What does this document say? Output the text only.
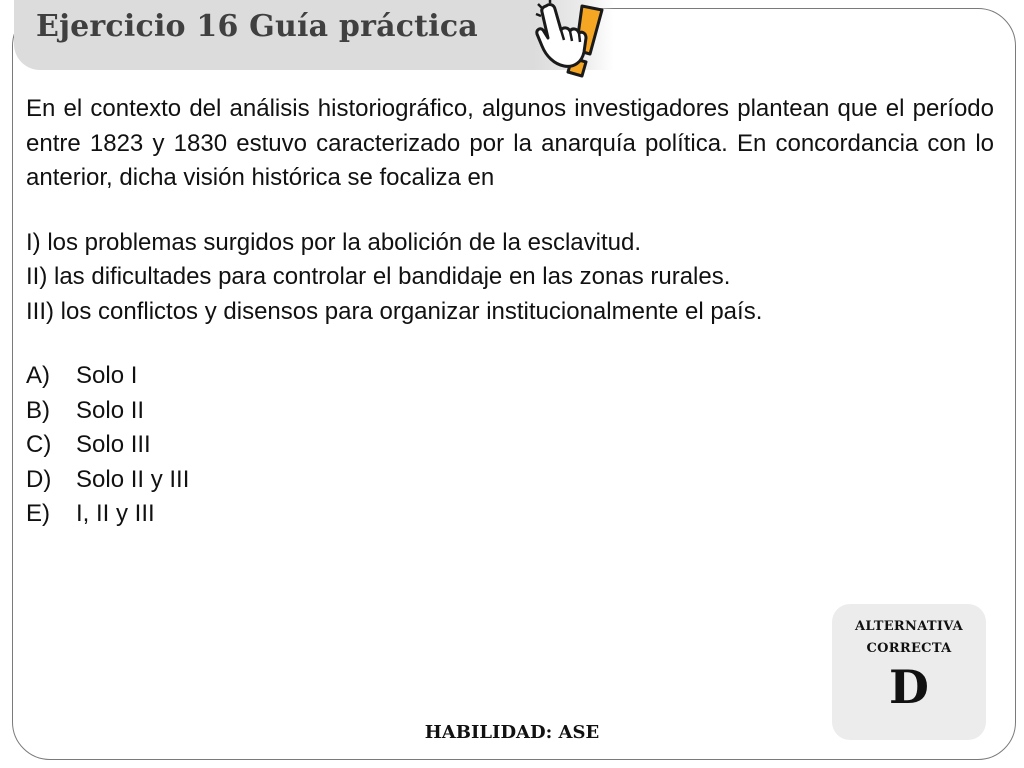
Ejercicio 16 Guía práctica

En el contexto del análisis historiográfico, algunos investigadores plantean que el período entre 1823 y 1830 estuvo caracterizado por la anarquía política. En concordancia con lo anterior, dicha visión histórica se focaliza en

I) los problemas surgidos por la abolición de la esclavitud.
II) las dificultades para controlar el bandidaje en las zonas rurales.
III) los conflictos y disensos para organizar institucionalmente el país.
A)	Solo I
B)	Solo II
C)	Solo III
D)	Solo II y III
E)	I, II y III
ALTERNATIVA
CORRECTA
D
HABILIDAD: ASE
